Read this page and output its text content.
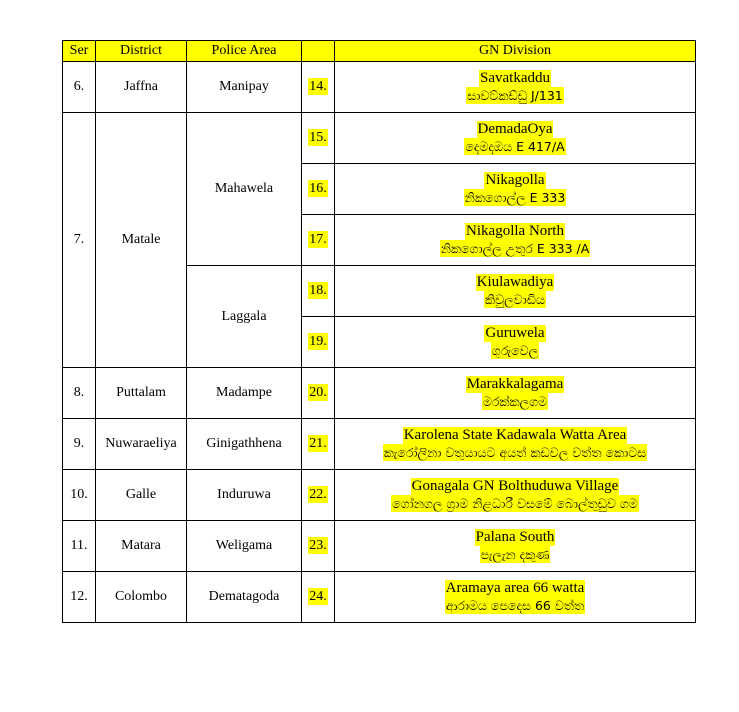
Ser	District	Police Area		GN Division
6.	Jaffna	Manipay	14.	Savatkaddu
සාවට්කඩ්ඩු J/131
7.	Matale	Mahawela	15.	DemadaOya
දෙමදඔය E 417/A
			16.	Nikagolla
නිකගොල්ල E 333
			17.	Nikagolla North
නිකගොල්ල උතුර E 333 /A
		Laggala	18.	Kiulawadiya
කිවුලවාඩිය
			19.	Guruwela
ගුරුවෙල
8.	Puttalam	Madampe	20.	Marakkalagama
මරක්කලගම
9.	Nuwaraeliya	Ginigathhena	21.	Karolena State Kadawala Watta Area
කැරෝලිනා වතුයායට අයත් කඩවල වත්ත කොටස
10.	Galle	Induruwa	22.	Gonagala GN Bolthuduwa Village
ගෝනගල ග්‍රාම නිළධාරී වසමේ බොල්තුඩුව ගම
11.	Matara	Weligama	23.	Palana South
පැලැන දකුණ
12.	Colombo	Dematagoda	24.	Aramaya area 66 watta
ආරාමය පෙදෙස 66 වත්ත
